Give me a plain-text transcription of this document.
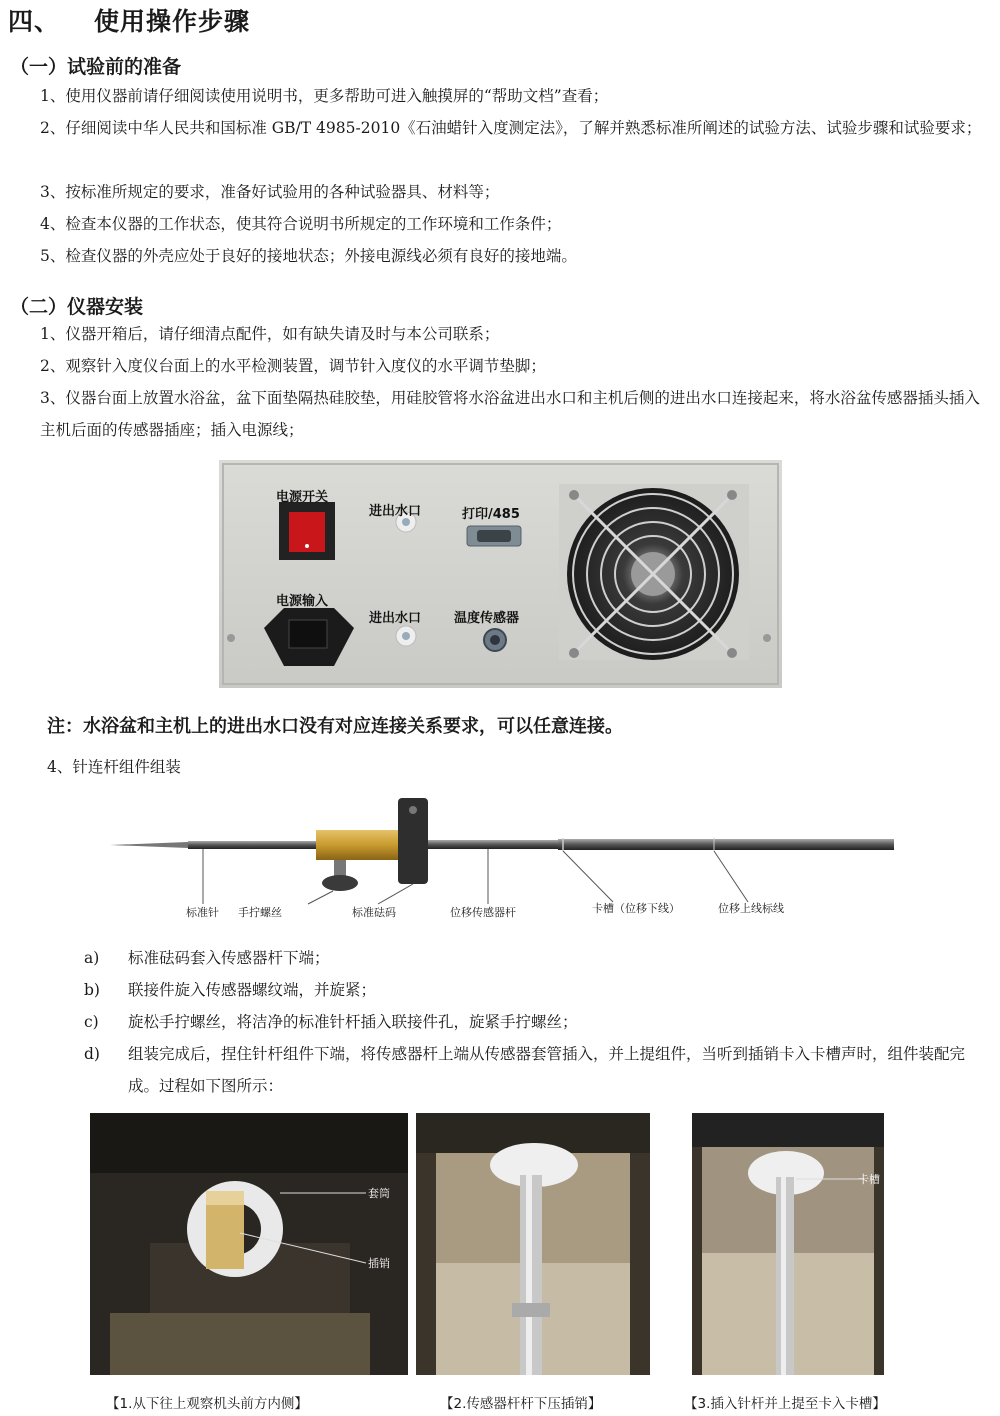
四、 使用操作步骤
（一）试验前的准备
1、使用仪器前请仔细阅读使用说明书，更多帮助可进入触摸屏的“帮助文档”查看；
2、仔细阅读中华人民共和国标准 GB/T 4985-2010《石油蜡针入度测定法》，了解并熟悉标准所阐述的试验方法、试验步骤和试验要求；
3、按标准所规定的要求，准备好试验用的各种试验器具、材料等；
4、检查本仪器的工作状态，使其符合说明书所规定的工作环境和工作条件；
5、检查仪器的外壳应处于良好的接地状态；外接电源线必须有良好的接地端。
（二）仪器安装
1、仪器开箱后，请仔细清点配件，如有缺失请及时与本公司联系；
2、观察针入度仪台面上的水平检测装置，调节针入度仪的水平调节垫脚；
3、仪器台面上放置水浴盆，盆下面垫隔热硅胶垫，用硅胶管将水浴盆进出水口和主机后侧的进出水口连接起来，将水浴盆传感器插头插入主机后面的传感器插座；插入电源线；
电源开关
电源输入
进出水口
进出水口
打印/485
温度传感器
注：水浴盆和主机上的进出水口没有对应连接关系要求，可以任意连接。
4、针连杆组件组装
标准针 手拧螺丝	标准砝码	位移传感器杆	卡槽（位移下线）	位移上线标线
a) 标准砝码套入传感器杆下端；
b) 联接件旋入传感器螺纹端，并旋紧；
c) 旋松手拧螺丝，将洁净的标准针杆插入联接件孔，旋紧手拧螺丝；
d) 组装完成后，捏住针杆组件下端，将传感器杆上端从传感器套管插入，并上提组件，当听到插销卡入卡槽声时，组件装配完成。过程如下图所示：
套筒
插销
卡槽
【1.从下往上观察机头前方内侧】	【2.传感器杆杆下压插销】	【3.插入针杆并上提至卡入卡槽】
